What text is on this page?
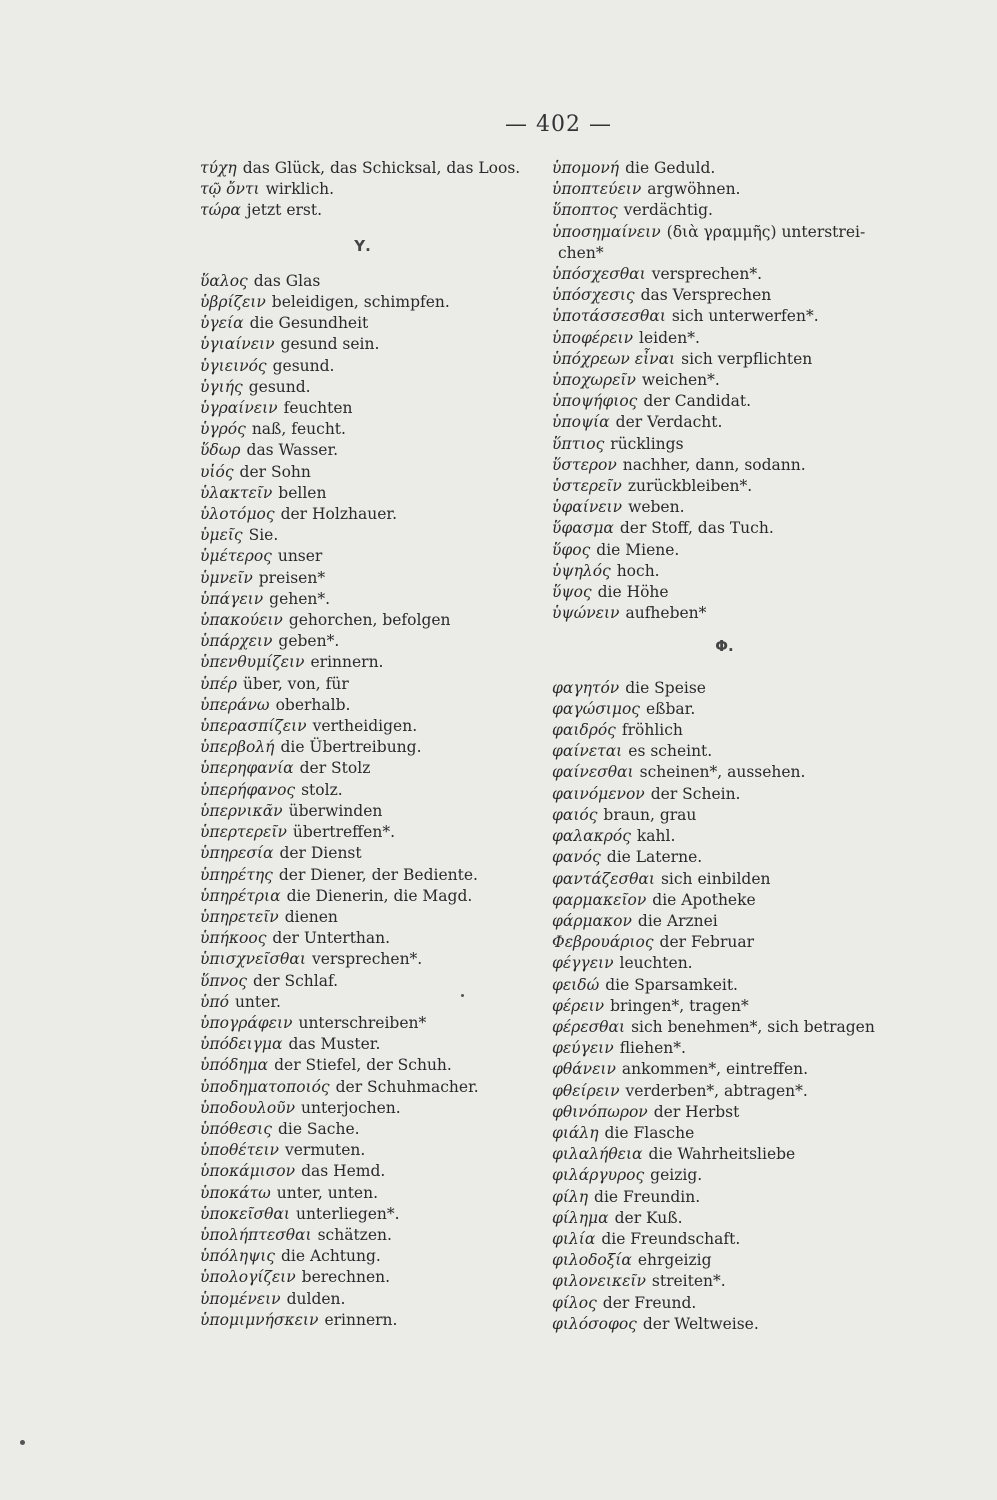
— 402 —
τύχη das Glück, das Schicksal, das Loos.
τῷ ὄντι wirklich.
τώρα jetzt erst.
Υ.
ὕαλος das Glas
ὑβρίζειν beleidigen, schimpfen.
ὑγεία die Gesundheit
ὑγιαίνειν gesund sein.
ὑγιεινός gesund.
ὑγιής gesund.
ὑγραίνειν feuchten
ὑγρός naß, feucht.
ὕδωρ das Wasser.
υἱός der Sohn
ὑλακτεῖν bellen
ὑλοτόμος der Holzhauer.
ὑμεῖς Sie.
ὑμέτερος unser
ὑμνεῖν preisen*
ὑπάγειν gehen*.
ὑπακούειν gehorchen, befolgen
ὑπάρχειν geben*.
ὑπενθυμίζειν erinnern.
ὑπέρ über, von, für
ὑπεράνω oberhalb.
ὑπερασπίζειν vertheidigen.
ὑπερβολή die Übertreibung.
ὑπερηφανία der Stolz
ὑπερήφανος stolz.
ὑπερνικᾶν überwinden
ὑπερτερεῖν übertreffen*.
ὑπηρεσία der Dienst
ὑπηρέτης der Diener, der Bediente.
ὑπηρέτρια die Dienerin, die Magd.
ὑπηρετεῖν dienen
ὑπήκοος der Unterthan.
ὑπισχνεῖσθαι versprechen*.
ὕπνος der Schlaf.
ὑπό unter.
ὑπογράφειν unterschreiben*
ὑπόδειγμα das Muster.
ὑπόδημα der Stiefel, der Schuh.
ὑποδηματοποιός der Schuhmacher.
ὑποδουλοῦν unterjochen.
ὑπόθεσις die Sache.
ὑποθέτειν vermuten.
ὑποκάμισον das Hemd.
ὑποκάτω unter, unten.
ὑποκεῖσθαι unterliegen*.
ὑπολήπτεσθαι schätzen.
ὑπόληψις die Achtung.
ὑπολογίζειν berechnen.
ὑπομένειν dulden.
ὑπομιμνήσκειν erinnern.
ὑπομονή die Geduld.
ὑποπτεύειν argwöhnen.
ὕποπτος verdächtig.
ὑποσημαίνειν (διὰ γραμμῆς) unterstrei-
chen*
ὑπόσχεσθαι versprechen*.
ὑπόσχεσις das Versprechen
ὑποτάσσεσθαι sich unterwerfen*.
ὑποφέρειν leiden*.
ὑπόχρεων εἶναι sich verpflichten
ὑποχωρεῖν weichen*.
ὑποψήφιος der Candidat.
ὑποψία der Verdacht.
ὕπτιος rücklings
ὕστερον nachher, dann, sodann.
ὑστερεῖν zurückbleiben*.
ὑφαίνειν weben.
ὕφασμα der Stoff, das Tuch.
ὕφος die Miene.
ὑψηλός hoch.
ὕψος die Höhe
ὑψώνειν aufheben*
Φ.
φαγητόν die Speise
φαγώσιμος eßbar.
φαιδρός fröhlich
φαίνεται es scheint.
φαίνεσθαι scheinen*, aussehen.
φαινόμενον der Schein.
φαιός braun, grau
φαλακρός kahl.
φανός die Laterne.
φαντάζεσθαι sich einbilden
φαρμακεῖον die Apotheke
φάρμακον die Arznei
Φεβρουάριος der Februar
φέγγειν leuchten.
φειδώ die Sparsamkeit.
φέρειν bringen*, tragen*
φέρεσθαι sich benehmen*, sich betragen
φεύγειν fliehen*.
φθάνειν ankommen*, eintreffen.
φθείρειν verderben*, abtragen*.
φθινόπωρον der Herbst
φιάλη die Flasche
φιλαλήθεια die Wahrheitsliebe
φιλάργυρος geizig.
φίλη die Freundin.
φίλημα der Kuß.
φιλία die Freundschaft.
φιλοδοξία ehrgeizig
φιλονεικεῖν streiten*.
φίλος der Freund.
φιλόσοφος der Weltweise.
